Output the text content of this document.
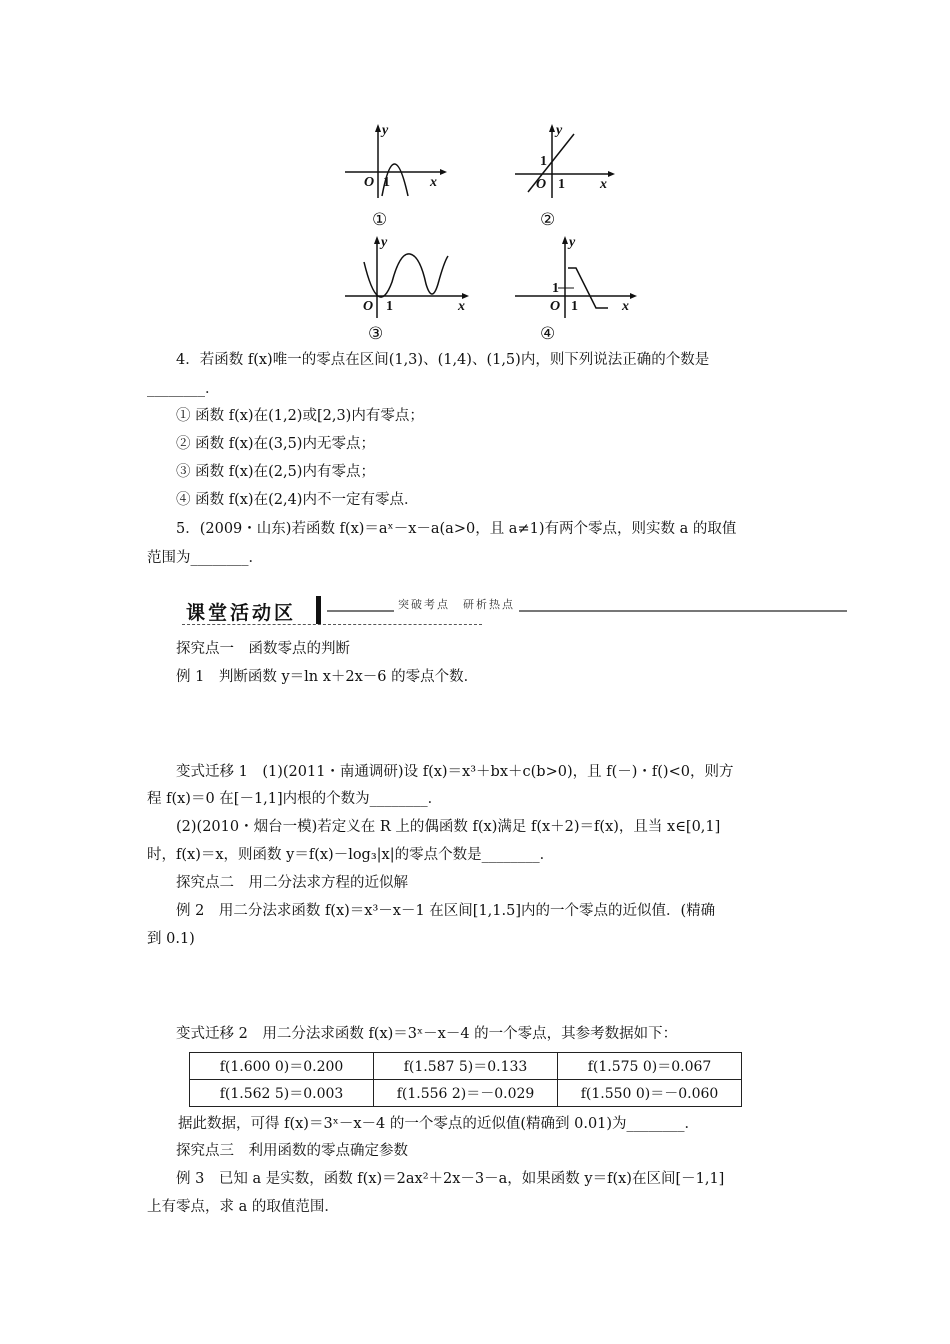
y
x
O 1
①
y
x
O 1
1
②
y
x
O 1
③
y
x
O 1
1
④
4．若函数 f(x)唯一的零点在区间(1,3)、(1,4)、(1,5)内，则下列说法正确的个数是
________．
① 函数 f(x)在(1,2)或[2,3)内有零点；
② 函数 f(x)在(3,5)内无零点；
③ 函数 f(x)在(2,5)内有零点；
④ 函数 f(x)在(2,4)内不一定有零点．
5．(2009・山东)若函数 f(x)＝aˣ－x－a(a>0，且 a≠1)有两个零点，则实数 a 的取值
范围为________．
课堂活动区	突破考点　研析热点
探究点一　函数零点的判断
例 1　判断函数 y＝ln x＋2x－6 的零点个数．
变式迁移 1　(1)(2011・南通调研)设 f(x)＝x³＋bx＋c(b>0)，且 f(－)・f()<0，则方
程 f(x)＝0 在[－1,1]内根的个数为________．
(2)(2010・烟台一模)若定义在 R 上的偶函数 f(x)满足 f(x＋2)＝f(x)，且当 x∈[0,1]
时，f(x)＝x，则函数 y＝f(x)－log₃|x|的零点个数是________．
探究点二　用二分法求方程的近似解
例 2　用二分法求函数 f(x)＝x³－x－1 在区间[1,1.5]内的一个零点的近似值．(精确
到 0.1)
变式迁移 2　用二分法求函数 f(x)＝3ˣ－x－4 的一个零点，其参考数据如下：
f(1.600 0)＝0.200	f(1.587 5)＝0.133	f(1.575 0)＝0.067
f(1.562 5)＝0.003	f(1.556 2)＝－0.029	f(1.550 0)＝－0.060
据此数据，可得 f(x)＝3ˣ－x－4 的一个零点的近似值(精确到 0.01)为________．
探究点三　利用函数的零点确定参数
例 3　已知 a 是实数，函数 f(x)＝2ax²＋2x－3－a，如果函数 y＝f(x)在区间[－1,1]
上有零点，求 a 的取值范围．
